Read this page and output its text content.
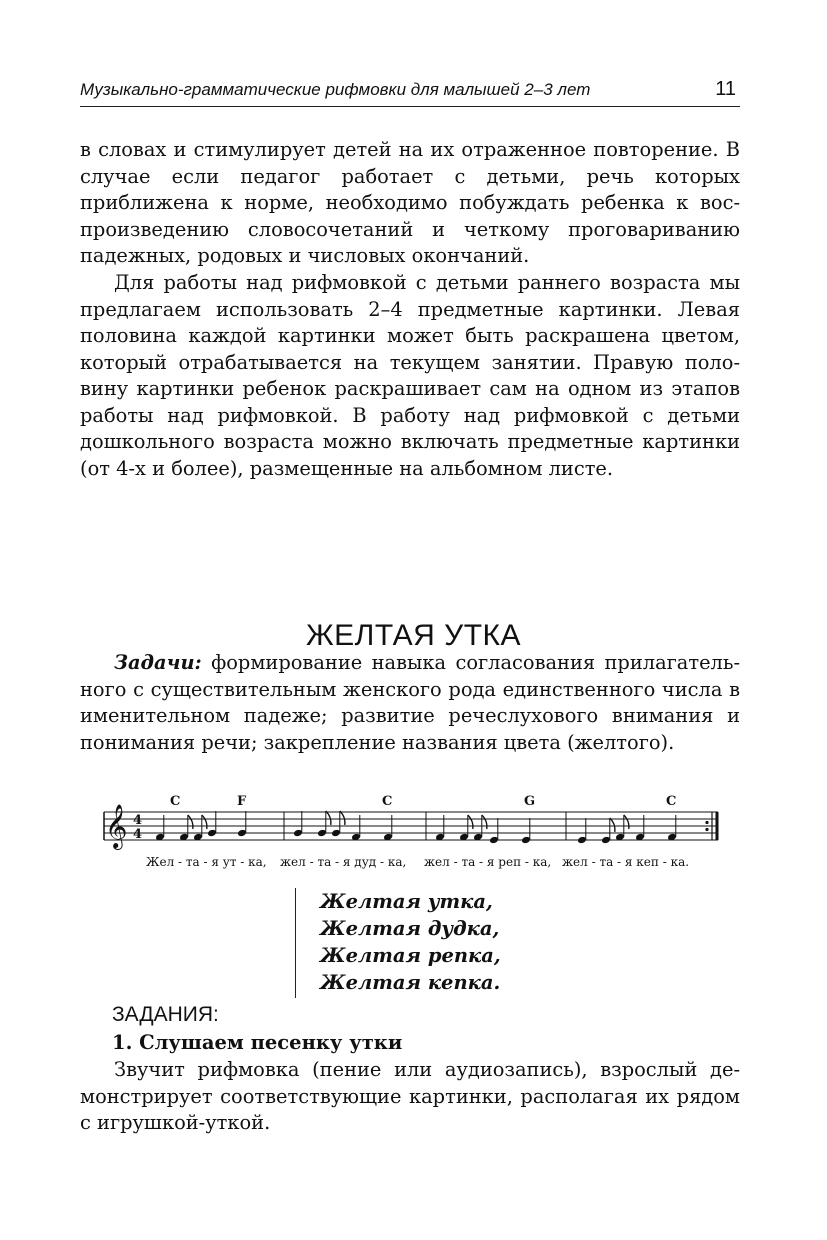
Музыкально-грамматические рифмовки для малышей 2–3 лет	11

в словах и стимулирует детей на их отраженное повторение. В случае если педагог работает с детьми, речь которых приближена к норме, необходимо побуждать ребенка к воспроизведению словосочетаний и четкому проговариванию падежных, родовых и числовых окончаний.

Для работы над рифмовкой с детьми раннего возраста мы предлагаем использовать 2–4 предметные картинки. Левая половина каждой картинки может быть раскрашена цветом, который отрабатывается на текущем занятии. Правую половину картинки ребенок раскрашивает сам на одном из этапов работы над рифмовкой. В работу над рифмовкой с детьми дошкольного возраста можно включать предметные картинки (от 4-х и более), размещенные на альбомном листе.

ЖЕЛТАЯ УТКА

Задачи: формирование навыка согласования прилагательного с существительным женского рода единственного числа в именительном падеже; развитие речеслухового внимания и понимания речи; закрепление названия цвета (желтого).

𝄞 4
4
C	F	C	G	C
Жел - та - я ут - ка, жел - та - я дуд - ка, жел - та - я реп - ка, жел - та - я кеп - ка.
Желтая утка,
Желтая дудка,
Желтая репка,
Желтая кепка.
ЗАДАНИЯ:
1. Слушаем песенку утки

Звучит рифмовка (пение или аудиозапись), взрослый демонстрирует соответствующие картинки, располагая их рядом с игрушкой-уткой.
